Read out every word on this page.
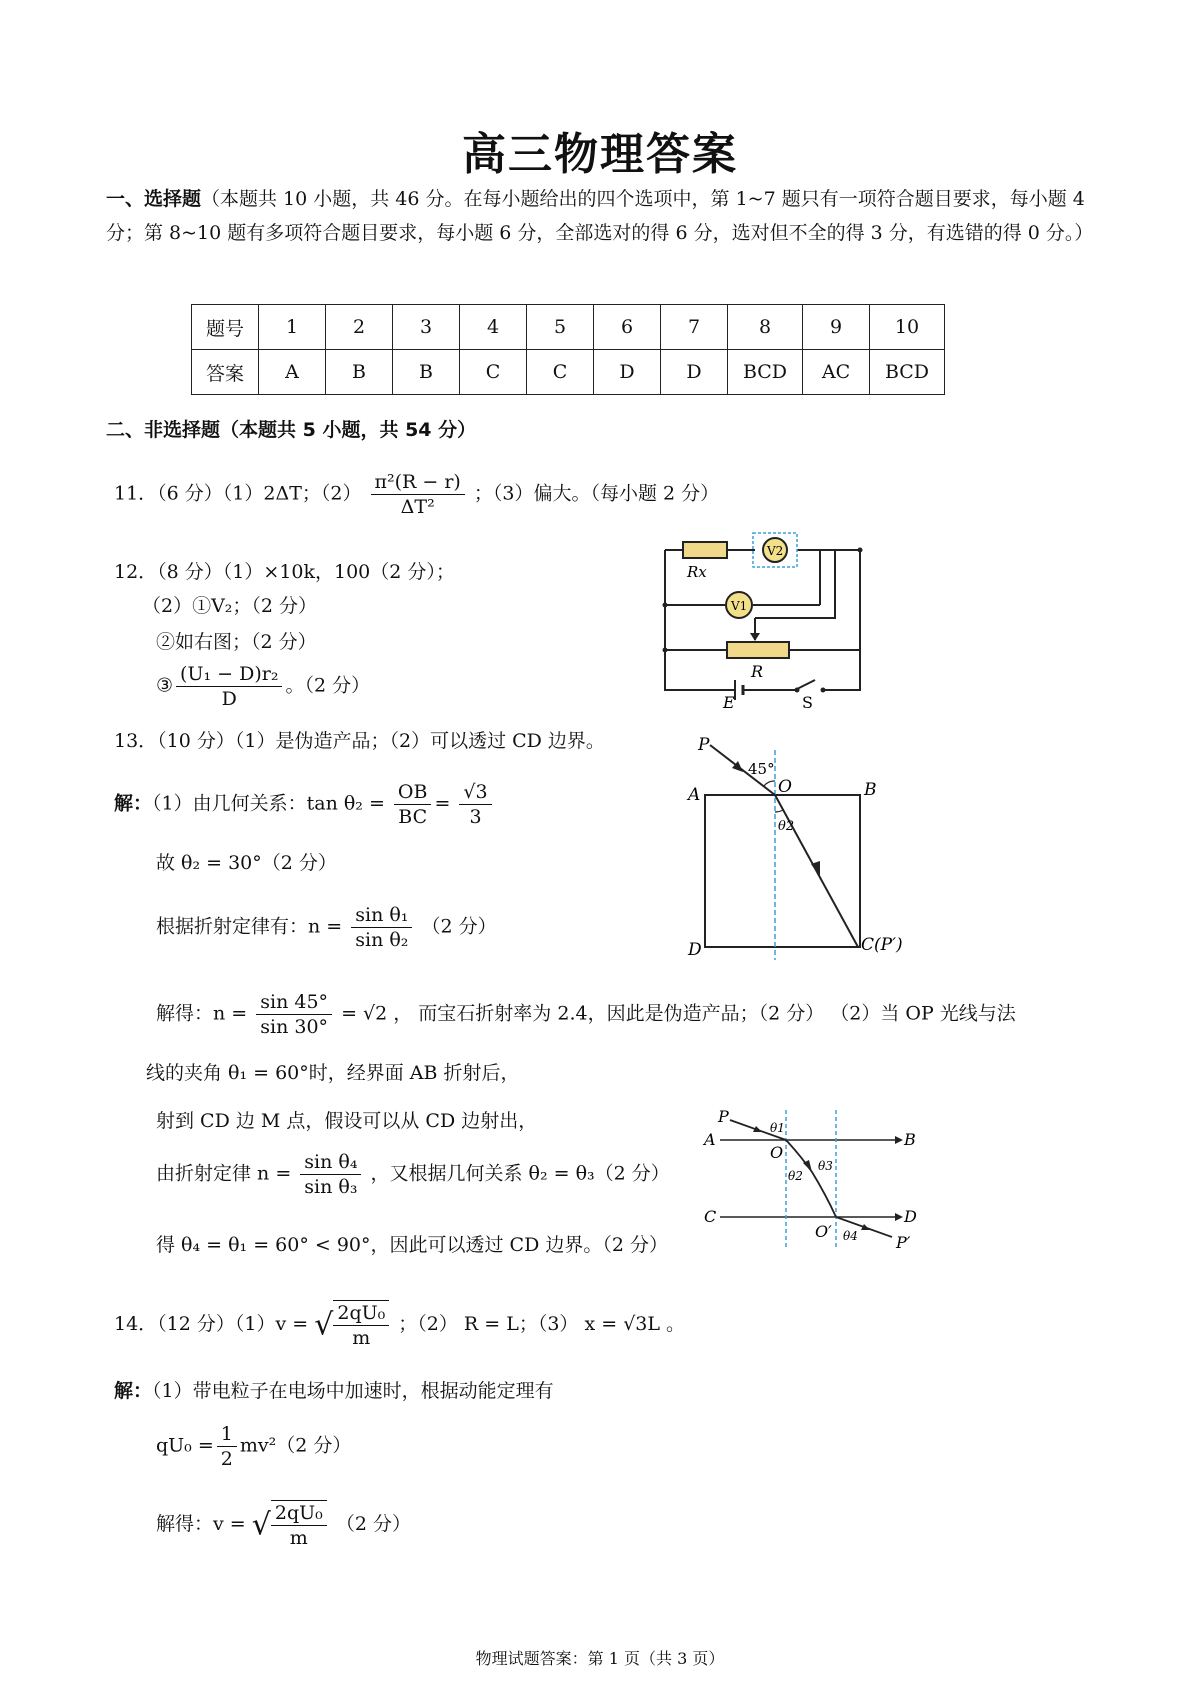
高三物理答案
一、选择题（本题共 10 小题，共 46 分。在每小题给出的四个选项中，第 1~7 题只有一项符合题目要求，每小题 4 分；第 8~10 题有多项符合题目要求，每小题 6 分，全部选对的得 6 分，选对但不全的得 3 分，有选错的得 0 分。）
题号	1	2	3	4	5	6	7	8	9	10
答案	A	B	B	C	C	D	D	BCD	AC	BCD
二、非选择题（本题共 5 小题，共 54 分）
11．（6 分）（1）2ΔT；$(2) \frac{\text{π²(R − r)}}{\text{ΔT²}}$ ；（3）偏大。（每小题 2 分）
12．（8 分）（1）×10k，100（2 分）；
（2）①V₂；（2 分）
②如右图；（2 分）
③ $\frac{\text{(U₁ − D)r₂}}{D}$ 。（2 分）
Rx
V2
V1
R
E	S
13．（10 分）（1）是伪造产品；（2）可以透过 CD 边界。
解：（1）由几何关系：$\tan \theta_2 = \frac{OB}{BC} = \frac{√3}{3}$
故 θ₂ = 30°（2 分）
根据折射定律有：$n = \frac{\text{sin θ₁}}{\text{sin θ₂}} (2$ 分）
解得：$n = \frac{\sin 45^\circ}{\sin 30^\circ} = √2$ ， 而宝石折射率为 2.4，因此是伪造产品；（2 分） （2）当 OP 光线与法
线的夹角 θ₁ = 60°时，经界面 AB 折射后，
射到 CD 边 M 点，假设可以从 CD 边射出，
由折射定律 $n = \frac{\text{sin θ₄}}{\text{sin θ₃}}$ ，又根据几何关系 θ₂ = θ₃（2 分）
得 θ₄ = θ₁ = 60° < 90°，因此可以透过 CD 边界。（2 分）
P
45°
A	O	B
θ2
D	C(P′)
P
θ1
A
O
B
θ2
θ3
C
O′
D
θ4 P′
14．（12 分）（1）v = √ $\frac{\text{2qU₀}}{m}$ ；（2） R = L；（3） x = √3L 。
解：（1）带电粒子在电场中加速时，根据动能定理有
$qU_0 = \frac{1}{2} mv^2(2$ 分）
解得：v = √ $\frac{\text{2qU₀}}{m} (2$ 分）
物理试题答案：第 1 页（共 3 页）
